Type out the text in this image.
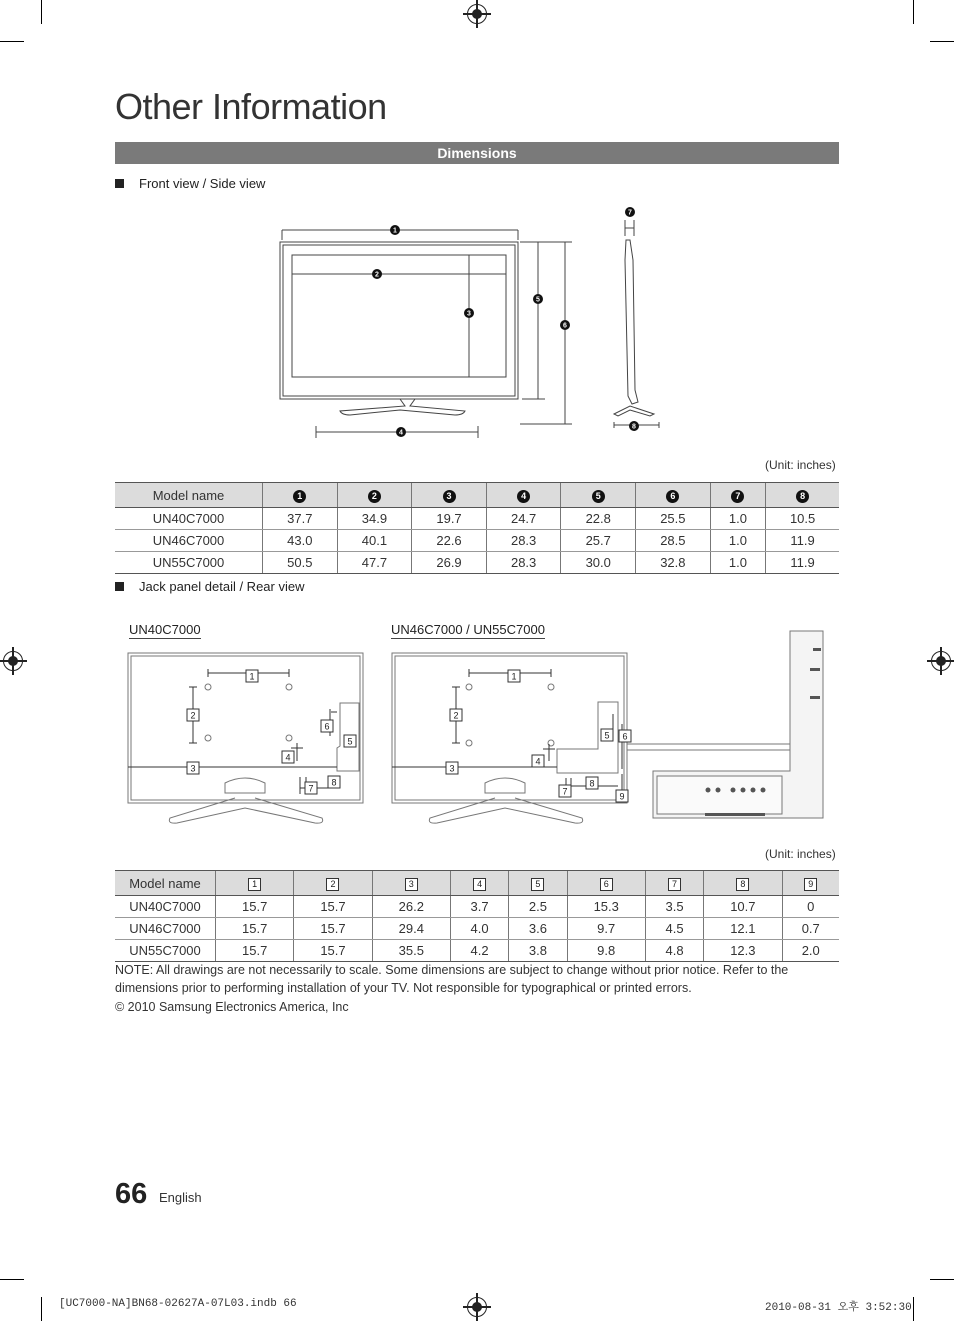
Other Information
Dimensions
Front view / Side view
1
2
3
4
5
6
7
8
(Unit: inches)
Model name	1	2	3	4	5	6	7	8
UN40C7000	37.7	34.9	19.7	24.7	22.8	25.5	1.0	10.5
UN46C7000	43.0	40.1	22.6	28.3	25.7	28.5	1.0	11.9
UN55C7000	50.5	47.7	26.9	28.3	30.0	32.8	1.0	11.9
Jack panel detail / Rear view
UN40C7000	UN46C7000 / UN55C7000
1
2
3
4
5
6
7
8
1
2
3
4
5 6
7
8
9
(Unit: inches)
Model name	1	2	3	4	5	6	7	8	9
UN40C7000	15.7	15.7	26.2	3.7	2.5	15.3	3.5	10.7	0
UN46C7000	15.7	15.7	29.4	4.0	3.6	9.7	4.5	12.1	0.7
UN55C7000	15.7	15.7	35.5	4.2	3.8	9.8	4.8	12.3	2.0
NOTE: All drawings are not necessarily to scale. Some dimensions are subject to change without prior notice. Refer to the dimensions prior to performing installation of your TV. Not responsible for typographical or printed errors.
© 2010 Samsung Electronics America, Inc
66 English
[UC7000-NA]BN68-02627A-07L03.indb 66	2010-08-31 오후 3:52:30
